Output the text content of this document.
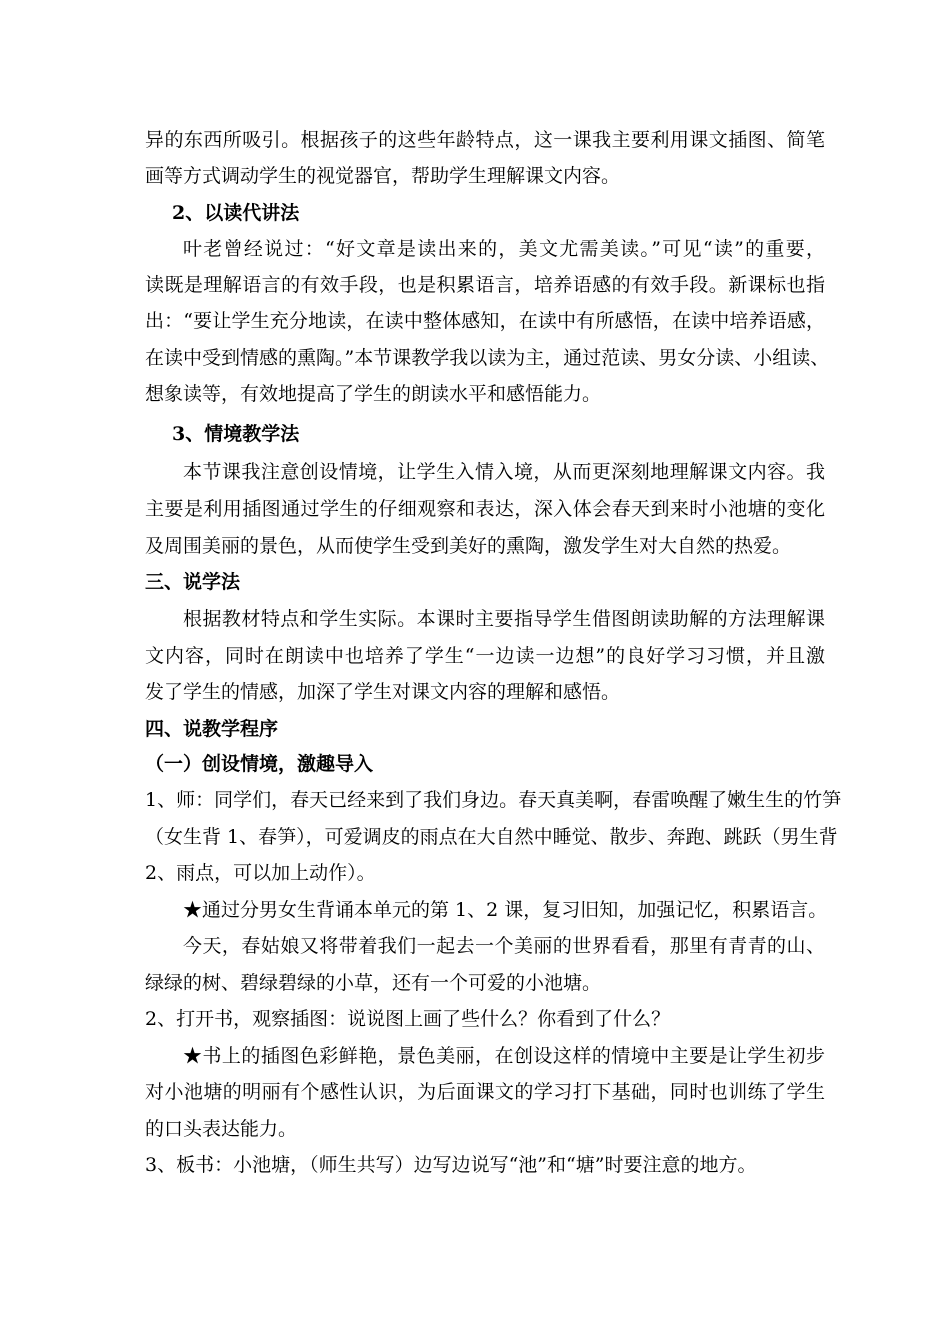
异的东西所吸引。根据孩子的这些年龄特点，这一课我主要利用课文插图、简笔
画等方式调动学生的视觉器官，帮助学生理解课文内容。
2、以读代讲法
叶老曾经说过：“好文章是读出来的，美文尤需美读。”可见“读”的重要，
读既是理解语言的有效手段，也是积累语言，培养语感的有效手段。新课标也指
出：“要让学生充分地读，在读中整体感知，在读中有所感悟，在读中培养语感，
在读中受到情感的熏陶。”本节课教学我以读为主，通过范读、男女分读、小组读、
想象读等，有效地提高了学生的朗读水平和感悟能力。
3、情境教学法
本节课我注意创设情境，让学生入情入境，从而更深刻地理解课文内容。我
主要是利用插图通过学生的仔细观察和表达，深入体会春天到来时小池塘的变化
及周围美丽的景色，从而使学生受到美好的熏陶，激发学生对大自然的热爱。
三、说学法
根据教材特点和学生实际。本课时主要指导学生借图朗读助解的方法理解课
文内容，同时在朗读中也培养了学生“一边读一边想”的良好学习习惯，并且激
发了学生的情感，加深了学生对课文内容的理解和感悟。
四、说教学程序
（一）创设情境，激趣导入
1、师：同学们，春天已经来到了我们身边。春天真美啊，春雷唤醒了嫩生生的竹笋
（女生背 1、春笋），可爱调皮的雨点在大自然中睡觉、散步、奔跑、跳跃（男生背
2、雨点，可以加上动作）。
★通过分男女生背诵本单元的第 1、2 课，复习旧知，加强记忆，积累语言。
今天，春姑娘又将带着我们一起去一个美丽的世界看看，那里有青青的山、
绿绿的树、碧绿碧绿的小草，还有一个可爱的小池塘。
2、打开书，观察插图：说说图上画了些什么？你看到了什么？
★书上的插图色彩鲜艳，景色美丽，在创设这样的情境中主要是让学生初步
对小池塘的明丽有个感性认识，为后面课文的学习打下基础，同时也训练了学生
的口头表达能力。
3、板书：小池塘，（师生共写）边写边说写“池”和“塘”时要注意的地方。
